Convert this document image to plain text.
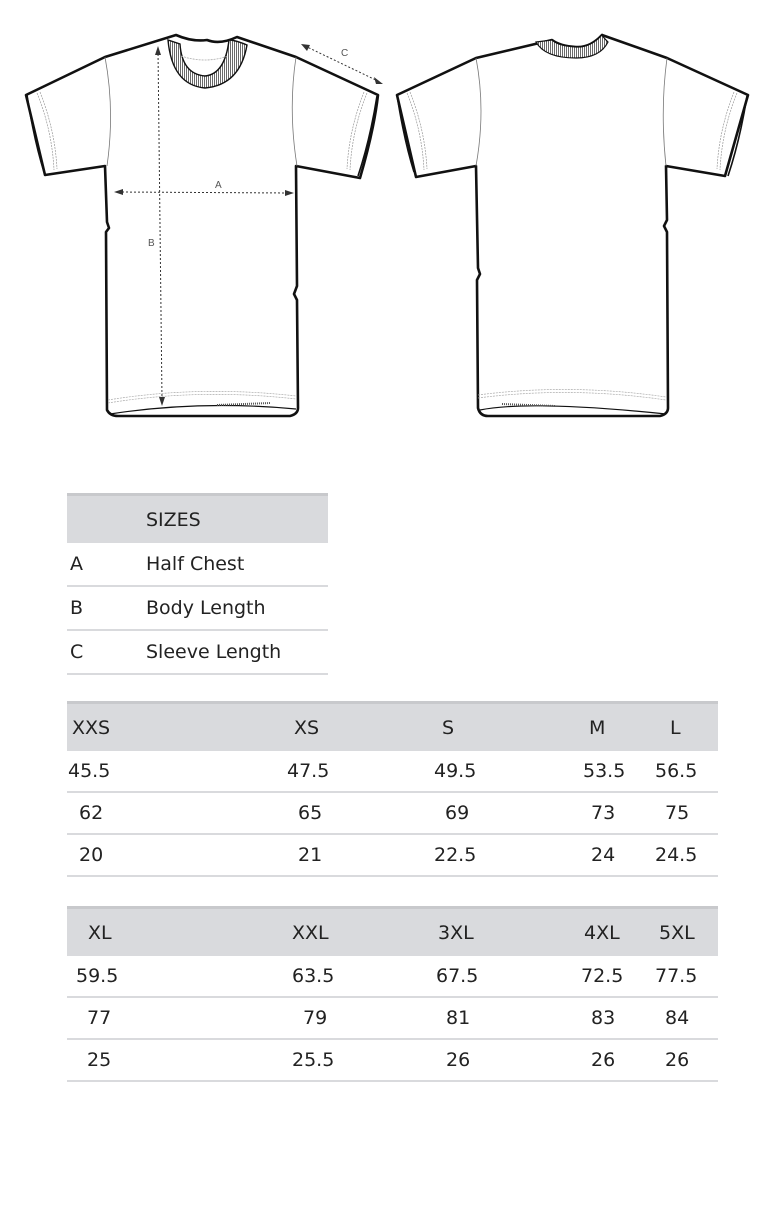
A
B
C
	SIZES
A	Half Chest
B	Body Length
C	Sleeve Length
XXS	XS	S	M	L
45.5	47.5	49.5	53.5	56.5
62	65	69	73	75
20	21	22.5	24	24.5
XL	XXL	3XL	4XL	5XL
59.5	63.5	67.5	72.5	77.5
77	79	81	83	84
25	25.5	26	26	26
